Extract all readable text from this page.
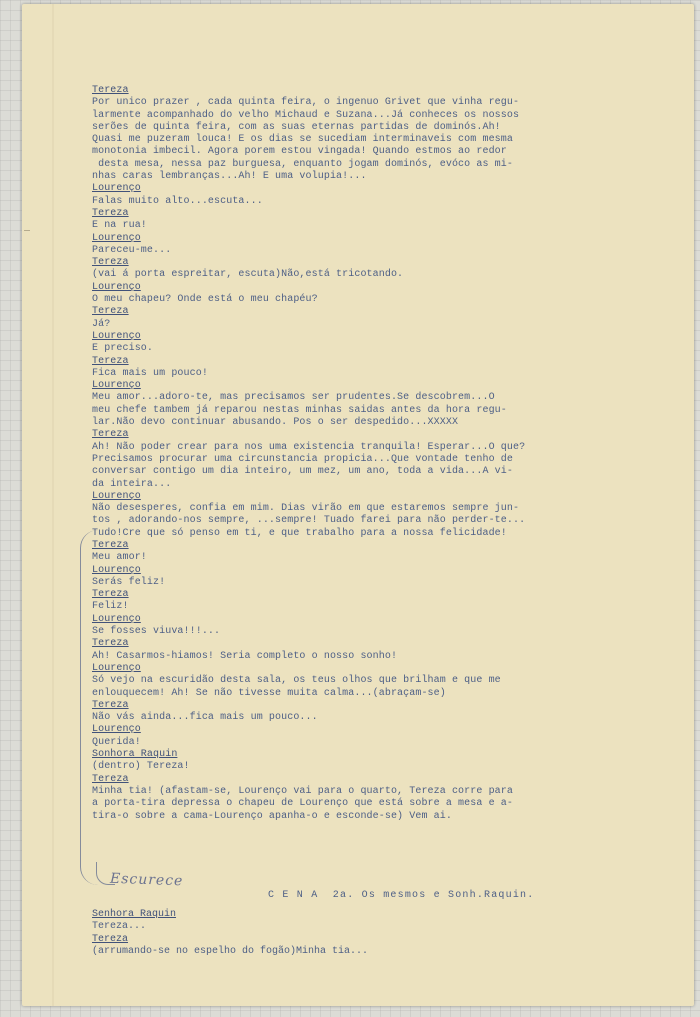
Tereza
Por unico prazer , cada quinta feira, o ingenuo Grivet que vinha regu-
larmente acompanhado do velho Michaud e Suzana...Já conheces os nossos
serões de quinta feira, com as suas eternas partidas de dominós.Ah!
Quasi me puzeram louca! E os dias se sucediam interminaveis com mesma
monotonia imbecil. Agora porem estou vingada! Quando estmos ao redor
desta mesa, nessa paz burguesa, enquanto jogam dominós, evóco as mi-
nhas caras lembranças...Ah! E uma volupia!...
Lourenço
Falas muito alto...escuta...
Tereza
E na rua!
Lourenço
Pareceu-me...
Tereza
(vai á porta espreitar, escuta)Não,está tricotando.
Lourenço
O meu chapeu? Onde está o meu chapéu?
Tereza
Já?
Lourenço
E preciso.
Tereza
Fica mais um pouco!
Lourenço
Meu amor...adoro-te, mas precisamos ser prudentes.Se descobrem...O
meu chefe tambem já reparou nestas minhas saidas antes da hora regu-
lar.Não devo continuar abusando. Pos o ser despedido...XXXXX
Tereza
Ah! Não poder crear para nos uma existencia tranquila! Esperar...O que?
Precisamos procurar uma circunstancia propicia...Que vontade tenho de
conversar contigo um dia inteiro, um mez, um ano, toda a vida...A vi-
da inteira...
Lourenço
Não desesperes, confia em mim. Dias virão em que estaremos sempre jun-
tos , adorando-nos sempre, ...sempre! Tuado farei para não perder-te...
Tudo!Cre que só penso em ti, e que trabalho para a nossa felicidade!
Tereza
Meu amor!
Lourenço
Serás feliz!
Tereza
Feliz!
Lourenço
Se fosses viuva!!!...
Tereza
Ah! Casarmos-hiamos! Seria completo o nosso sonho!
Lourenço
Só vejo na escuridão desta sala, os teus olhos que brilham e que me
enlouquecem! Ah! Se não tivesse muita calma...(abraçam-se)
Tereza
Não vás ainda...fica mais um pouco...
Lourenço
Querida!
Sonhora Raquin
(dentro) Tereza!
Tereza
Minha tia! (afastam-se, Lourenço vai para o quarto, Tereza corre para
a porta-tira depressa o chapeu de Lourenço que está sobre a mesa e a-
tira-o sobre a cama-Lourenço apanha-o e esconde-se) Vem ai.
Escurece
C E N A  2a. Os mesmos e Sonh.Raquin.
Senhora Raquin
Tereza...
Tereza
(arrumando-se no espelho do fogão)Minha tia...
